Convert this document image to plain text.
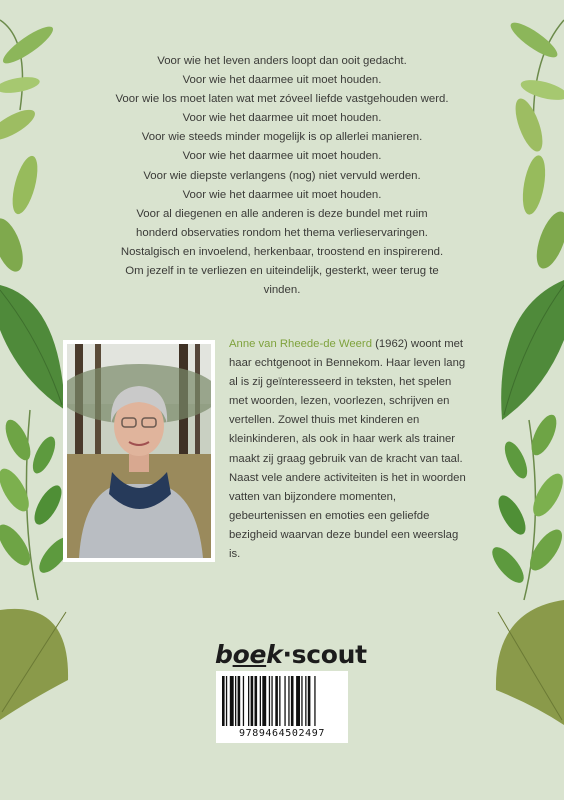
Voor wie het leven anders loopt dan ooit gedacht.

Voor wie het daarmee uit moet houden.

Voor wie los moet laten wat met zóveel liefde vastgehouden werd.

Voor wie het daarmee uit moet houden.

Voor wie steeds minder mogelijk is op allerlei manieren.

Voor wie het daarmee uit moet houden.

Voor wie diepste verlangens (nog) niet vervuld werden.

Voor wie het daarmee uit moet houden.

Voor al diegenen en alle anderen is deze bundel met ruim

honderd observaties rondom het thema verlieservaringen.

Nostalgisch en invoelend, herkenbaar, troostend en inspirerend.

Om jezelf in te verliezen en uiteindelijk, gesterkt, weer terug te

vinden.

Anne van Rheede-de Weerd (1962) woont met haar echtgenoot in Bennekom. Haar leven lang al is zij geïnteresseerd in teksten, het spelen met woorden, lezen, voorlezen, schrijven en vertellen. Zowel thuis met kinderen en kleinkinderen, als ook in haar werk als trainer maakt zij graag gebruik van de kracht van taal. Naast vele andere activiteiten is het in woorden vatten van bijzondere momenten, gebeurtenissen en emoties een geliefde bezigheid waarvan deze bundel een weerslag is.
boek·scout
9789464502497
